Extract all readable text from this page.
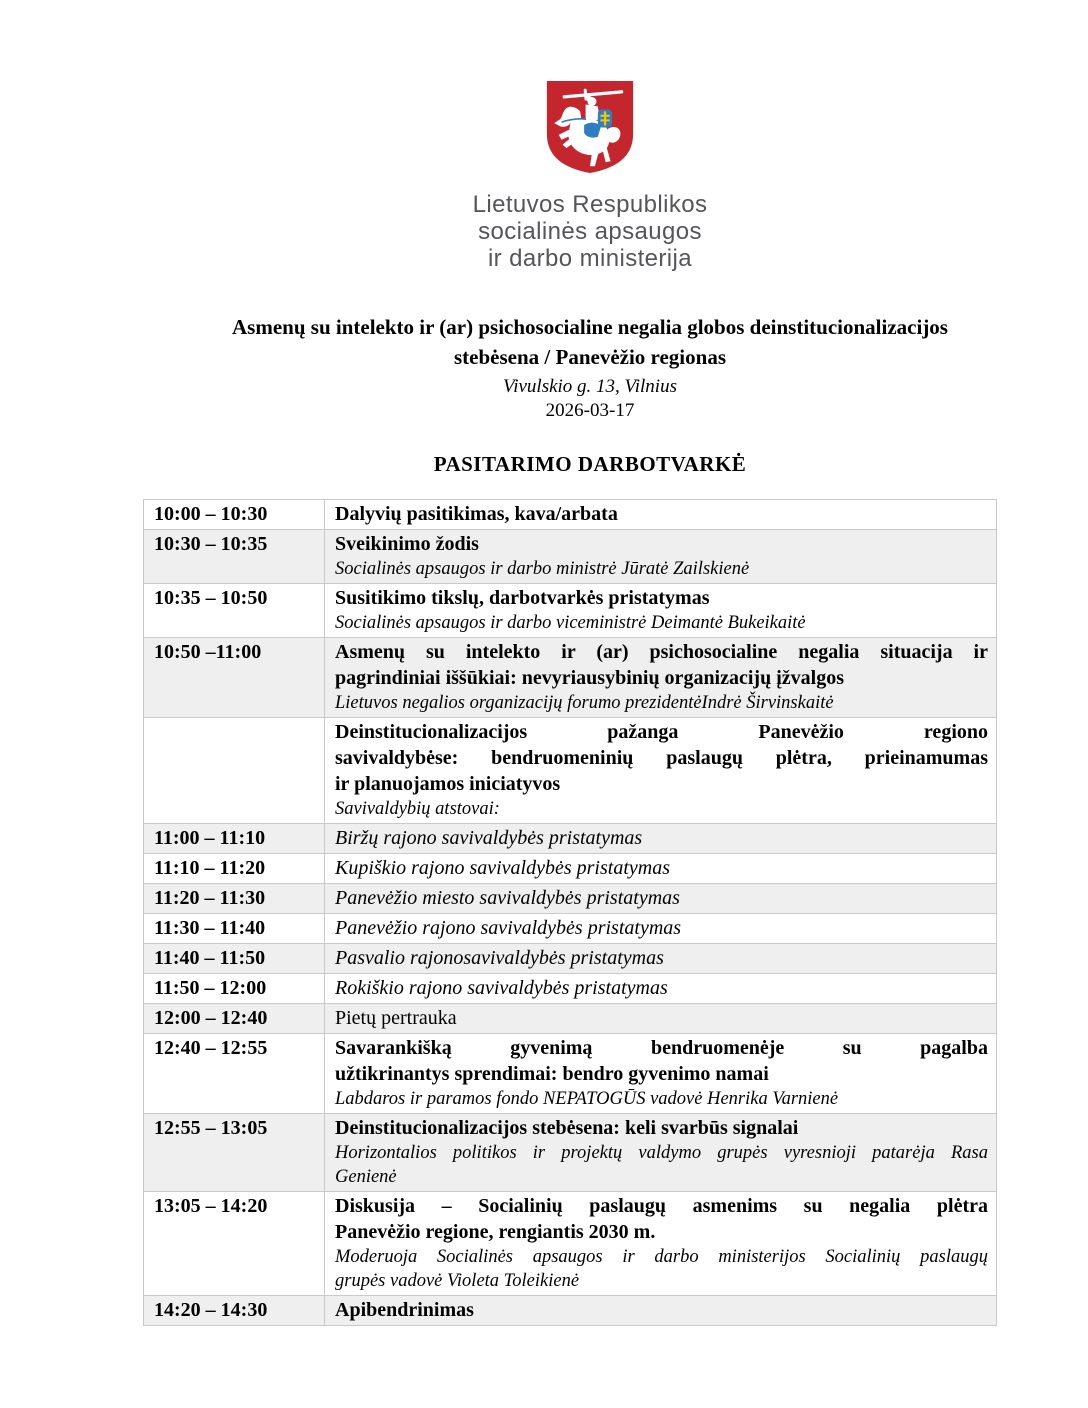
Lietuvos Respublikos
socialinės apsaugos
ir darbo ministerija
Asmenų su intelekto ir (ar) psichosocialine negalia globos deinstitucionalizacijos
stebėsena / Panevėžio regionas
Vivulskio g. 13, Vilnius
2026-03-17
PASITARIMO DARBOTVARKĖ
10:00 – 10:30	Dalyvių pasitikimas, kava/arbata

10:30 – 10:35	Sveikinimo žodis
Socialinės apsaugos ir darbo ministrė Jūratė Zailskienė

10:35 – 10:50	Susitikimo tikslų, darbotvarkės pristatymas
Socialinės apsaugos ir darbo viceministrė Deimantė Bukeikaitė

10:50 –11:00	Asmenų su intelekto ir (ar) psichosocialine negalia situacija ir
pagrindiniai iššūkiai: nevyriausybinių organizacijų įžvalgos
Lietuvos negalios organizacijų forumo prezidentėIndrė Širvinskaitė

	Deinstitucionalizacijos pažanga Panevėžio regiono
savivaldybėse: bendruomeninių paslaugų plėtra, prieinamumas
ir planuojamos iniciatyvos
Savivaldybių atstovai:

11:00 – 11:10	Biržų rajono savivaldybės pristatymas

11:10 – 11:20	Kupiškio rajono savivaldybės pristatymas

11:20 – 11:30	Panevėžio miesto savivaldybės pristatymas

11:30 – 11:40	Panevėžio rajono savivaldybės pristatymas

11:40 – 11:50	Pasvalio rajonosavivaldybės pristatymas

11:50 – 12:00	Rokiškio rajono savivaldybės pristatymas

12:00 – 12:40	Pietų pertrauka

12:40 – 12:55	Savarankišką gyvenimą bendruomenėje su pagalba
užtikrinantys sprendimai: bendro gyvenimo namai
Labdaros ir paramos fondo NEPATOGŪS vadovė Henrika Varnienė

12:55 – 13:05	Deinstitucionalizacijos stebėsena: keli svarbūs signalai
Horizontalios politikos ir projektų valdymo grupės vyresnioji patarėja Rasa
Genienė

13:05 – 14:20	Diskusija – Socialinių paslaugų asmenims su negalia plėtra
Panevėžio regione, rengiantis 2030 m.
Moderuoja Socialinės apsaugos ir darbo ministerijos Socialinių paslaugų
grupės vadovė Violeta Toleikienė

14:20 – 14:30	Apibendrinimas
